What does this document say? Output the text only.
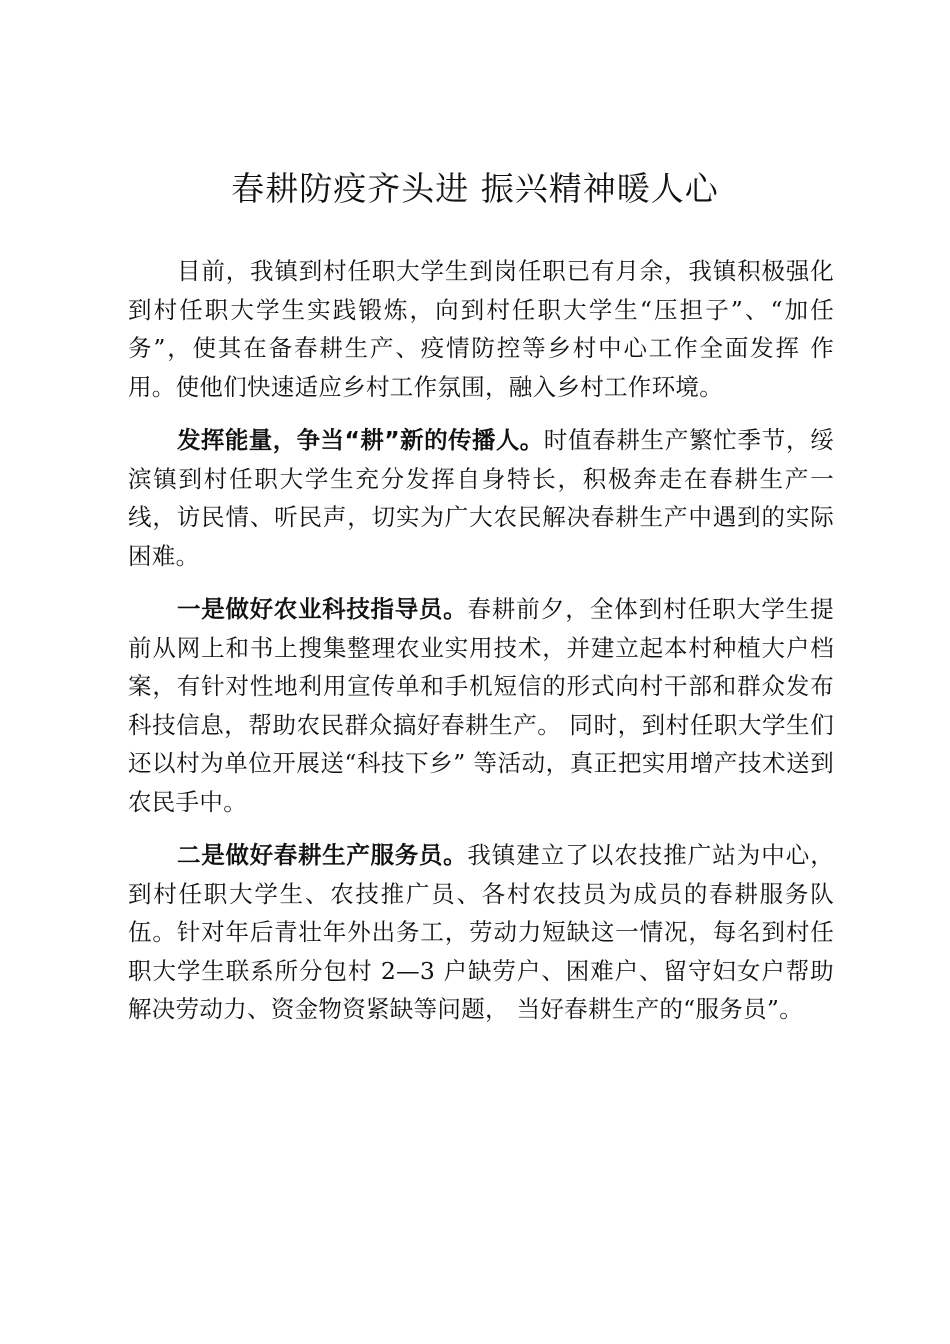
春耕防疫齐头进 振兴精神暖人心

目前，我镇到村任职大学生到岗任职已有月余，我镇积极强化到村任职大学生实践锻炼，向到村任职大学生“压担子”、“加任务”，使其在备春耕生产、疫情防控等乡村中心工作全面发挥 作用。使他们快速适应乡村工作氛围，融入乡村工作环境。

发挥能量，争当“耕”新的传播人。时值春耕生产繁忙季节，绥滨镇到村任职大学生充分发挥自身特长，积极奔走在春耕生产一线，访民情、听民声，切实为广大农民解决春耕生产中遇到的实际困难。

一是做好农业科技指导员。春耕前夕，全体到村任职大学生提前从网上和书上搜集整理农业实用技术，并建立起本村种植大户档案，有针对性地利用宣传单和手机短信的形式向村干部和群众发布科技信息，帮助农民群众搞好春耕生产。 同时，到村任职大学生们还以村为单位开展送“科技下乡” 等活动，真正把实用增产技术送到农民手中。

二是做好春耕生产服务员。我镇建立了以农技推广站为中心，到村任职大学生、农技推广员、各村农技员为成员的春耕服务队伍。针对年后青壮年外出务工，劳动力短缺这一情况，每名到村任职大学生联系所分包村 2—3 户缺劳户、困难户、留守妇女户帮助解决劳动力、资金物资紧缺等问题， 当好春耕生产的“服务员”。
